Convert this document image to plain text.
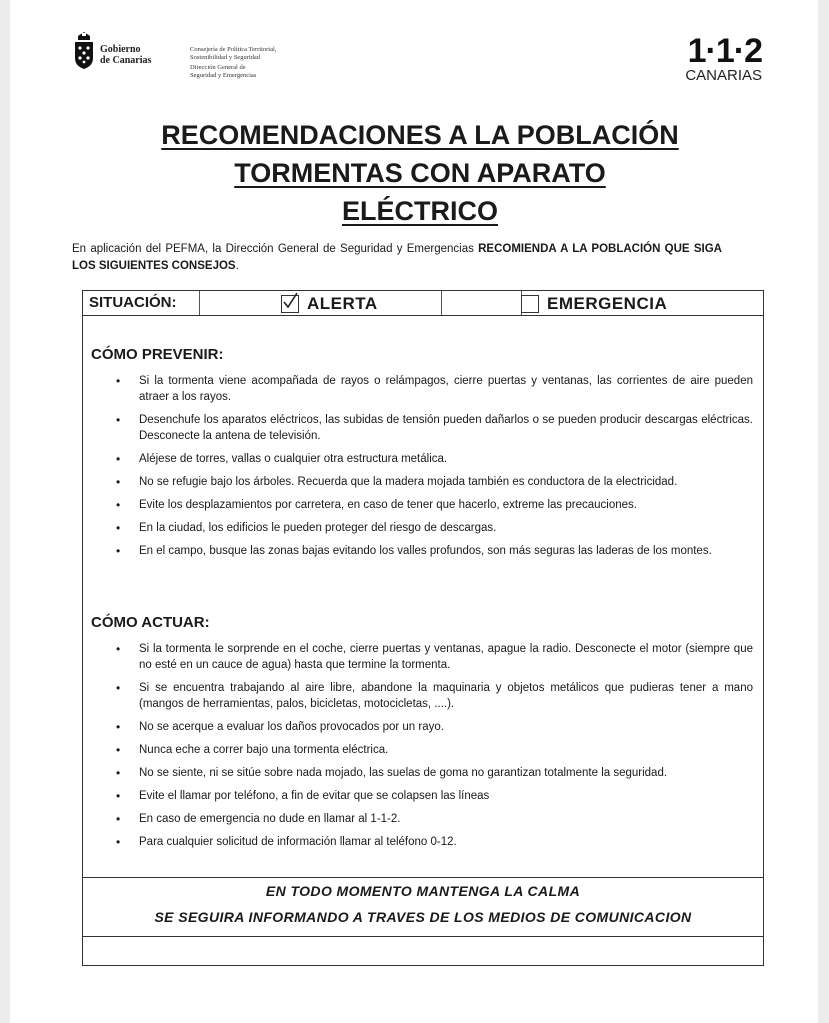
Gobierno
de Canarias
Consejería de Política Territorial,
Sostenibilidad y Seguridad
Dirección General de
Seguridad y Emergencias
1·1·2
CANARIAS
RECOMENDACIONES A LA POBLACIÓN
TORMENTAS CON APARATO
ELÉCTRICO
En aplicación del PEFMA, la Dirección General de Seguridad y Emergencias RECOMIENDA A LA POBLACIÓN QUE SIGA LOS SIGUIENTES CONSEJOS.
SITUACIÓN:	ALERTA	EMERGENCIA
CÓMO PREVENIR:
• Si la tormenta viene acompañada de rayos o relámpagos, cierre puertas y ventanas, las corrientes de aire pueden atraer a los rayos.
• Desenchufe los aparatos eléctricos, las subidas de tensión pueden dañarlos o se pueden producir descargas eléctricas. Desconecte la antena de televisión.
• Aléjese de torres, vallas o cualquier otra estructura metálica.
• No se refugie bajo los árboles. Recuerda que la madera mojada también es conductora de la electricidad.
• Evite los desplazamientos por carretera, en caso de tener que hacerlo, extreme las precauciones.
• En la ciudad, los edificios le pueden proteger del riesgo de descargas.
• En el campo, busque las zonas bajas evitando los valles profundos, son más seguras las laderas de los montes.
CÓMO ACTUAR:
• Si la tormenta le sorprende en el coche, cierre puertas y ventanas, apague la radio. Desconecte el motor (siempre que no esté en un cauce de agua) hasta que termine la tormenta.
• Si se encuentra trabajando al aire libre, abandone la maquinaria y objetos metálicos que pudieras tener a mano (mangos de herramientas, palos, bicicletas, motocicletas, ....).
• No se acerque a evaluar los daños provocados por un rayo.
• Nunca eche a correr bajo una tormenta eléctrica.
• No se siente, ni se sitúe sobre nada mojado, las suelas de goma no garantizan totalmente la seguridad.
• Evite el llamar por teléfono, a fin de evitar que se colapsen las líneas
• En caso de emergencia no dude en llamar al 1-1-2.
• Para cualquier solicitud de información llamar al teléfono 0-12.
EN TODO MOMENTO MANTENGA LA CALMA
SE SEGUIRA INFORMANDO A TRAVES DE LOS MEDIOS DE COMUNICACION
